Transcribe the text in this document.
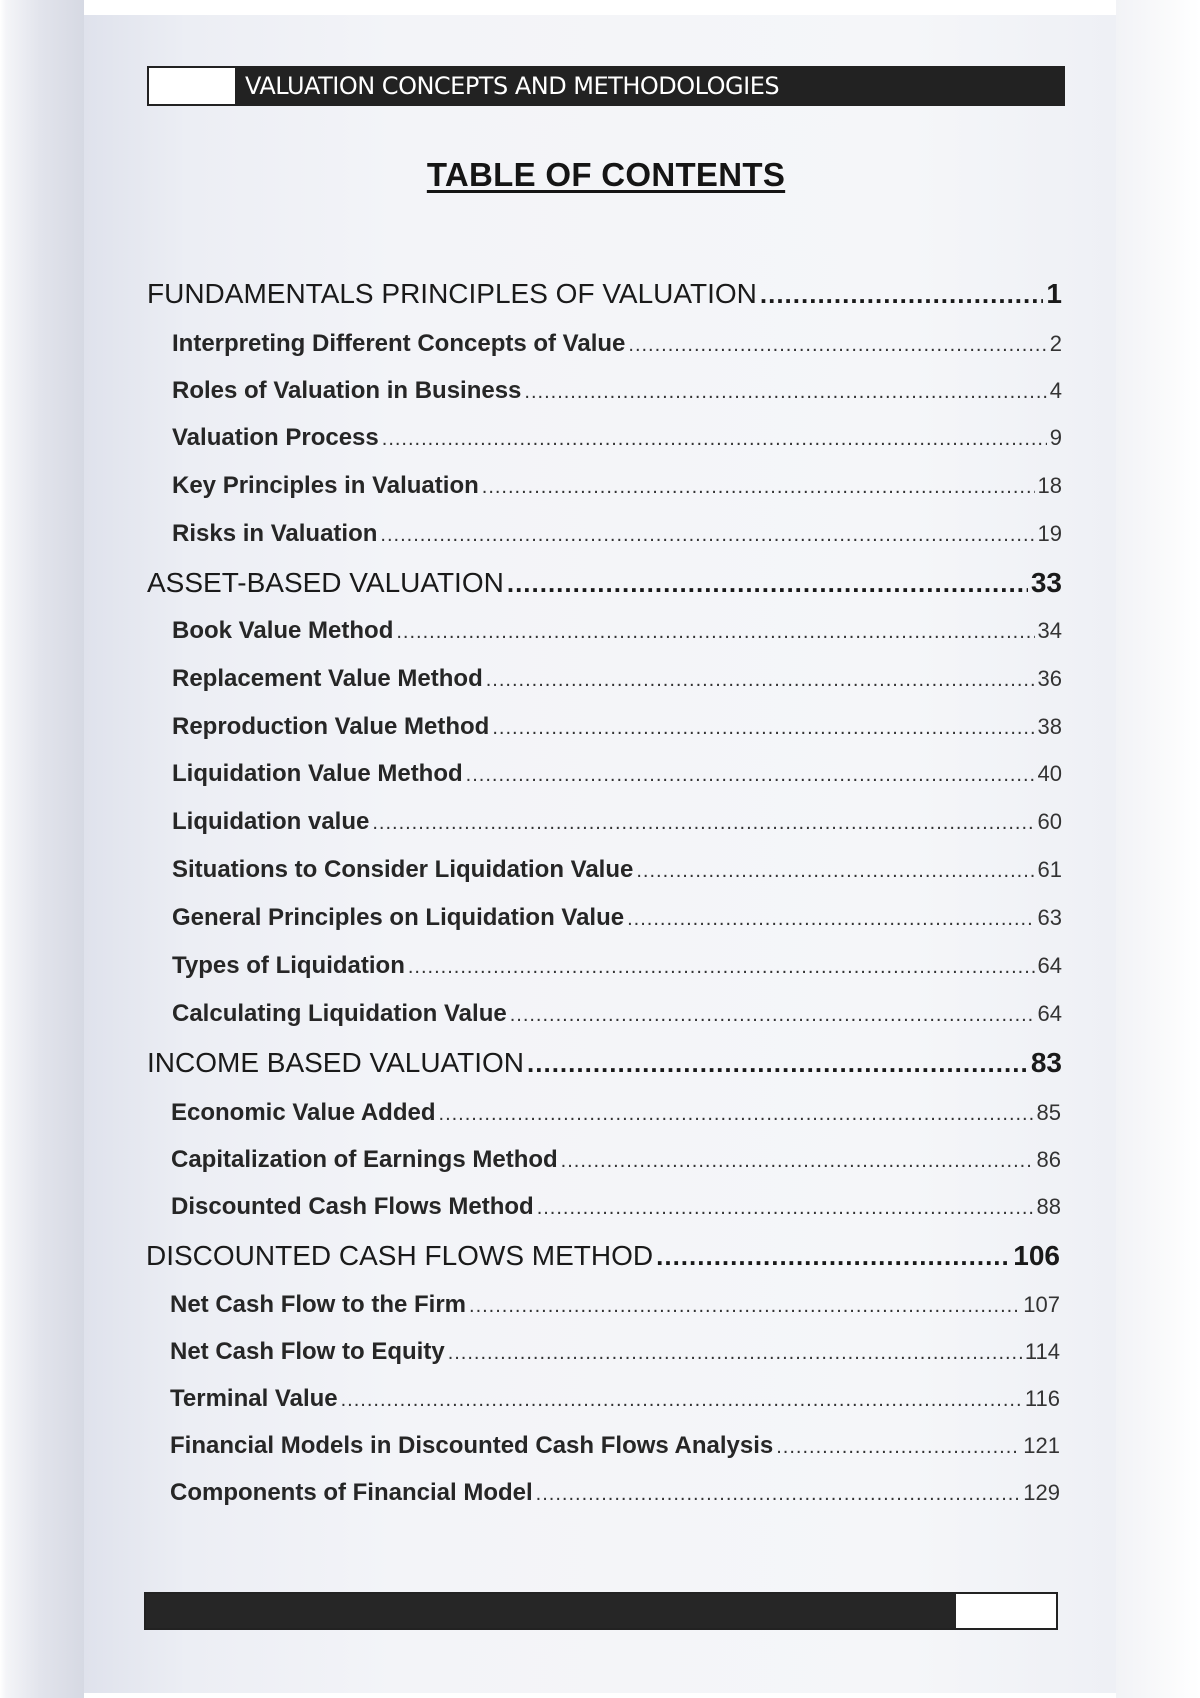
VALUATION CONCEPTS AND METHODOLOGIES
TABLE OF CONTENTS
FUNDAMENTALS PRINCIPLES OF VALUATION .....	1
Interpreting Different Concepts of Value .....	2
Roles of Valuation in Business .....	4
Valuation Process .....	9
Key Principles in Valuation .....	18
Risks in Valuation .....	19
ASSET-BASED VALUATION .....	33
Book Value Method .....	34
Replacement Value Method .....	36
Reproduction Value Method .....	38
Liquidation Value Method .....	40
Liquidation value .....	60
Situations to Consider Liquidation Value .....	61
General Principles on Liquidation Value .....	63
Types of Liquidation .....	64
Calculating Liquidation Value .....	64
INCOME BASED VALUATION .....	83
Economic Value Added .....	85
Capitalization of Earnings Method .....	86
Discounted Cash Flows Method .....	88
DISCOUNTED CASH FLOWS METHOD .....	106
Net Cash Flow to the Firm .....	107
Net Cash Flow to Equity .....	114
Terminal Value .....	116
Financial Models in Discounted Cash Flows Analysis .....	121
Components of Financial Model .....	129
